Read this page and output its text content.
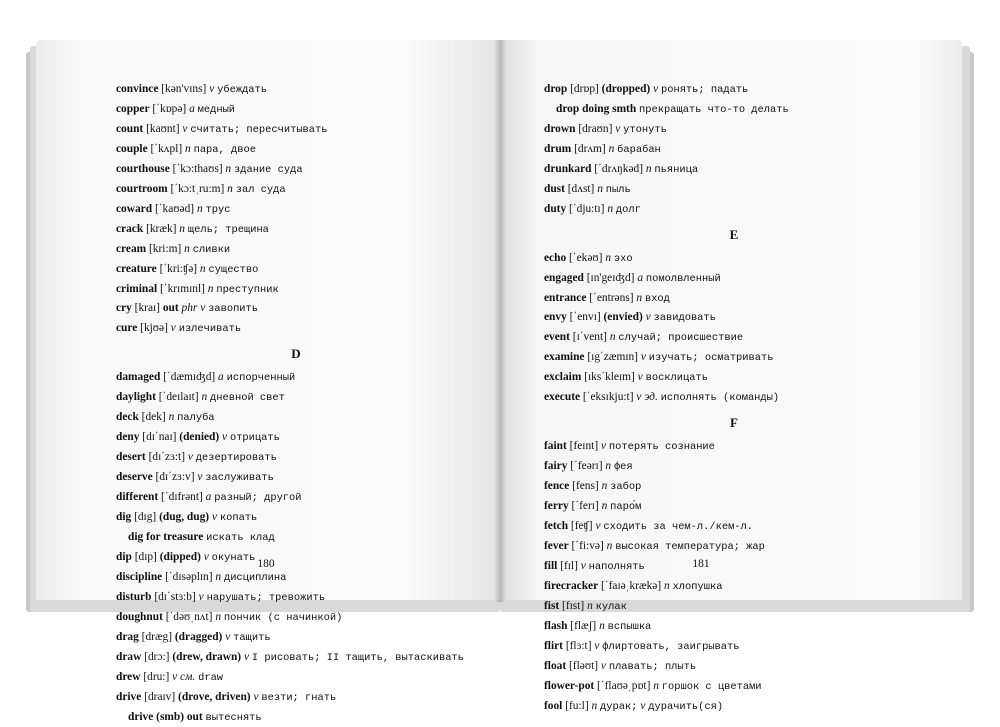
convince [kən'vɪns] v убеждать
copper [΄kɒpə] a медный
count [kaʊnt] v считать; пересчитывать
couple [΄kʌpl] n пара, двое
courthouse [΄kɔ:thaʊs] n здание суда
courtroom [΄kɔ:tˌru:m] n зал суда
coward [΄kaʊəd] n трус
crack [kræk] n щель; трещина
cream [kri:m] n сливки
creature [΄kri:ʧə] n существо
criminal [΄krɪmɪnl] n преступник
cry [kraɪ] out phr v завопить
cure [kjʊə] v излечивать
D
damaged [΄dæmɪʤd] a испорченный
daylight [΄deɪlaɪt] n дневной свет
deck [dek] n палуба
deny [dɪ΄naɪ] (denied) v отрицать
desert [dɪ΄zɜ:t] v дезертировать
deserve [dɪ΄zɜ:v] v заслуживать
different [΄dɪfrənt] a разный; другой
dig [dɪg] (dug, dug) v копать
dig for treasure искать клад
dip [dɪp] (dipped) v окунать
discipline [΄dɪsəplɪn] n дисциплина
disturb [dɪ΄stɜ:b] v нарушать; тревожить
doughnut [΄dəʊˌnʌt] n пончик (с начинкой)
drag [dræg] (dragged) v тащить
draw [drɔ:] (drew, drawn) v I рисовать; II тащить, вытаскивать
drew [dru:] v см. draw
drive [draɪv] (drove, driven) v везти; гнать
drive (smb) out вытеснять
180
drop [drɒp] (dropped) v ронять; падать
drop doing smth прекращать что-то делать
drown [draʊn] v утонуть
drum [drʌm] n барабан
drunkard [΄drʌŋkəd] n пьяница
dust [dʌst] n пыль
duty [΄dju:tɪ] n долг
E
echo [΄ekəʊ] n эхо
engaged [ɪn'geɪʤd] a помолвленный
entrance [΄entrəns] n вход
envy [΄envɪ] (envied) v завидовать
event [ɪ΄vent] n случай; происшествие
examine [ɪg΄zæmɪn] v изучать; осматривать
exclaim [ɪks΄kleɪm] v восклицать
execute [΄eksɪkju:t] v эд. исполнять (команды)
F
faint [feɪnt] v потерять сознание
fairy [΄feərɪ] n фея
fence [fens] n забор
ferry [΄ferɪ] n паро́м
fetch [feʧ] v сходить за чем-л./кем-л.
fever [΄fi:və] n высокая температура; жар
fill [fɪl] v наполнять
firecracker [΄faɪəˌkrækə] n хлопушка
fist [fɪst] n кулак
flash [flæʃ] n вспышка
flirt [flɜ:t] v флиртовать, заигрывать
float [fləʊt] v плавать; плыть
flower-pot [΄flaʊəˌpɒt] n горшок с цветами
fool [fu:l] n дурак; v дурачить(ся)
181
